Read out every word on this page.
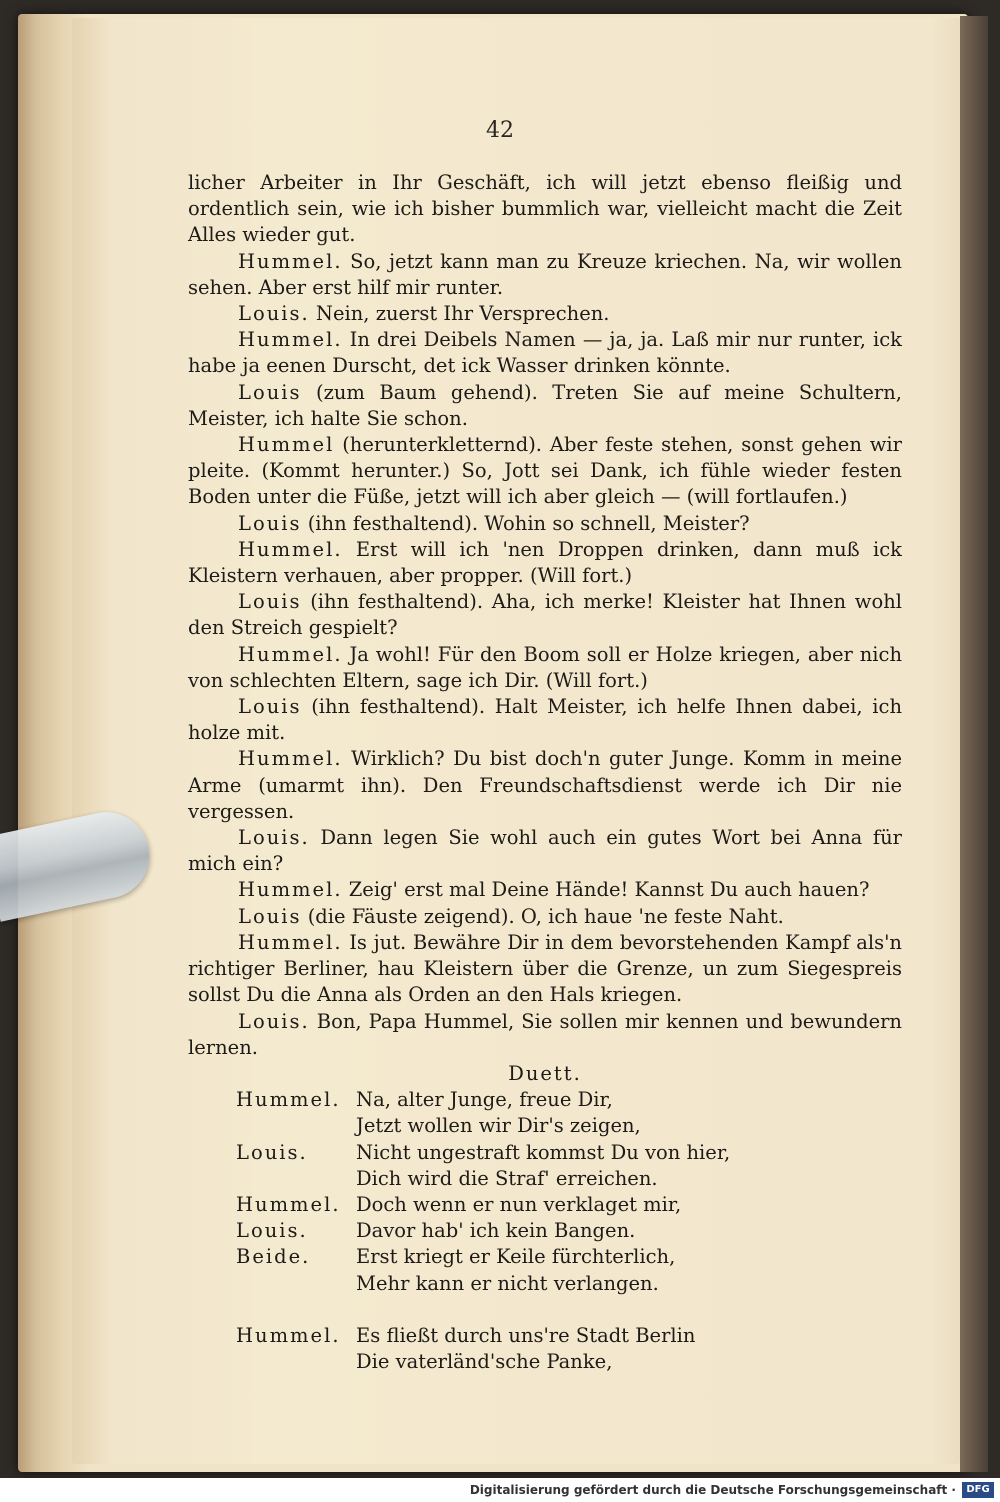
42

licher Arbeiter in Ihr Geschäft, ich will jetzt ebenso fleißig und ordentlich sein, wie ich bisher bummlich war, vielleicht macht die Zeit Alles wieder gut.

Hummel. So, jetzt kann man zu Kreuze kriechen. Na, wir wollen sehen. Aber erst hilf mir runter.

Louis. Nein, zuerst Ihr Versprechen.

Hummel. In drei Deibels Namen — ja, ja. Laß mir nur runter, ick habe ja eenen Durscht, det ick Wasser drinken könnte.

Louis (zum Baum gehend). Treten Sie auf meine Schultern, Meister, ich halte Sie schon.

Hummel (herunterkletternd). Aber feste stehen, sonst gehen wir pleite. (Kommt herunter.) So, Jott sei Dank, ich fühle wieder festen Boden unter die Füße, jetzt will ich aber gleich — (will fortlaufen.)

Louis (ihn festhaltend). Wohin so schnell, Meister?

Hummel. Erst will ich 'nen Droppen drinken, dann muß ick Kleistern verhauen, aber propper. (Will fort.)

Louis (ihn festhaltend). Aha, ich merke! Kleister hat Ihnen wohl den Streich gespielt?

Hummel. Ja wohl! Für den Boom soll er Holze kriegen, aber nich von schlechten Eltern, sage ich Dir. (Will fort.)

Louis (ihn festhaltend). Halt Meister, ich helfe Ihnen dabei, ich holze mit.

Hummel. Wirklich? Du bist doch'n guter Junge. Komm in meine Arme (umarmt ihn). Den Freundschaftsdienst werde ich Dir nie vergessen.

Louis. Dann legen Sie wohl auch ein gutes Wort bei Anna für mich ein?

Hummel. Zeig' erst mal Deine Hände! Kannst Du auch hauen?

Louis (die Fäuste zeigend). O, ich haue 'ne feste Naht.

Hummel. Is jut. Bewähre Dir in dem bevorstehenden Kampf als'n richtiger Berliner, hau Kleistern über die Grenze, un zum Siegespreis sollst Du die Anna als Orden an den Hals kriegen.

Louis. Bon, Papa Hummel, Sie sollen mir kennen und bewundern lernen.

Duett.

Hummel. Na, alter Junge, freue Dir,
Jetzt wollen wir Dir's zeigen,
Louis.	Nicht ungestraft kommst Du von hier,
Dich wird die Straf' erreichen.
Hummel. Doch wenn er nun verklaget mir,
Louis.	Davor hab' ich kein Bangen.
Beide.	Erst kriegt er Keile fürchterlich,
Mehr kann er nicht verlangen.
Hummel. Es fließt durch uns're Stadt Berlin
Die vaterländ'sche Panke,
Digitalisierung gefördert durch die Deutsche Forschungsgemeinschaft ·	DFG
